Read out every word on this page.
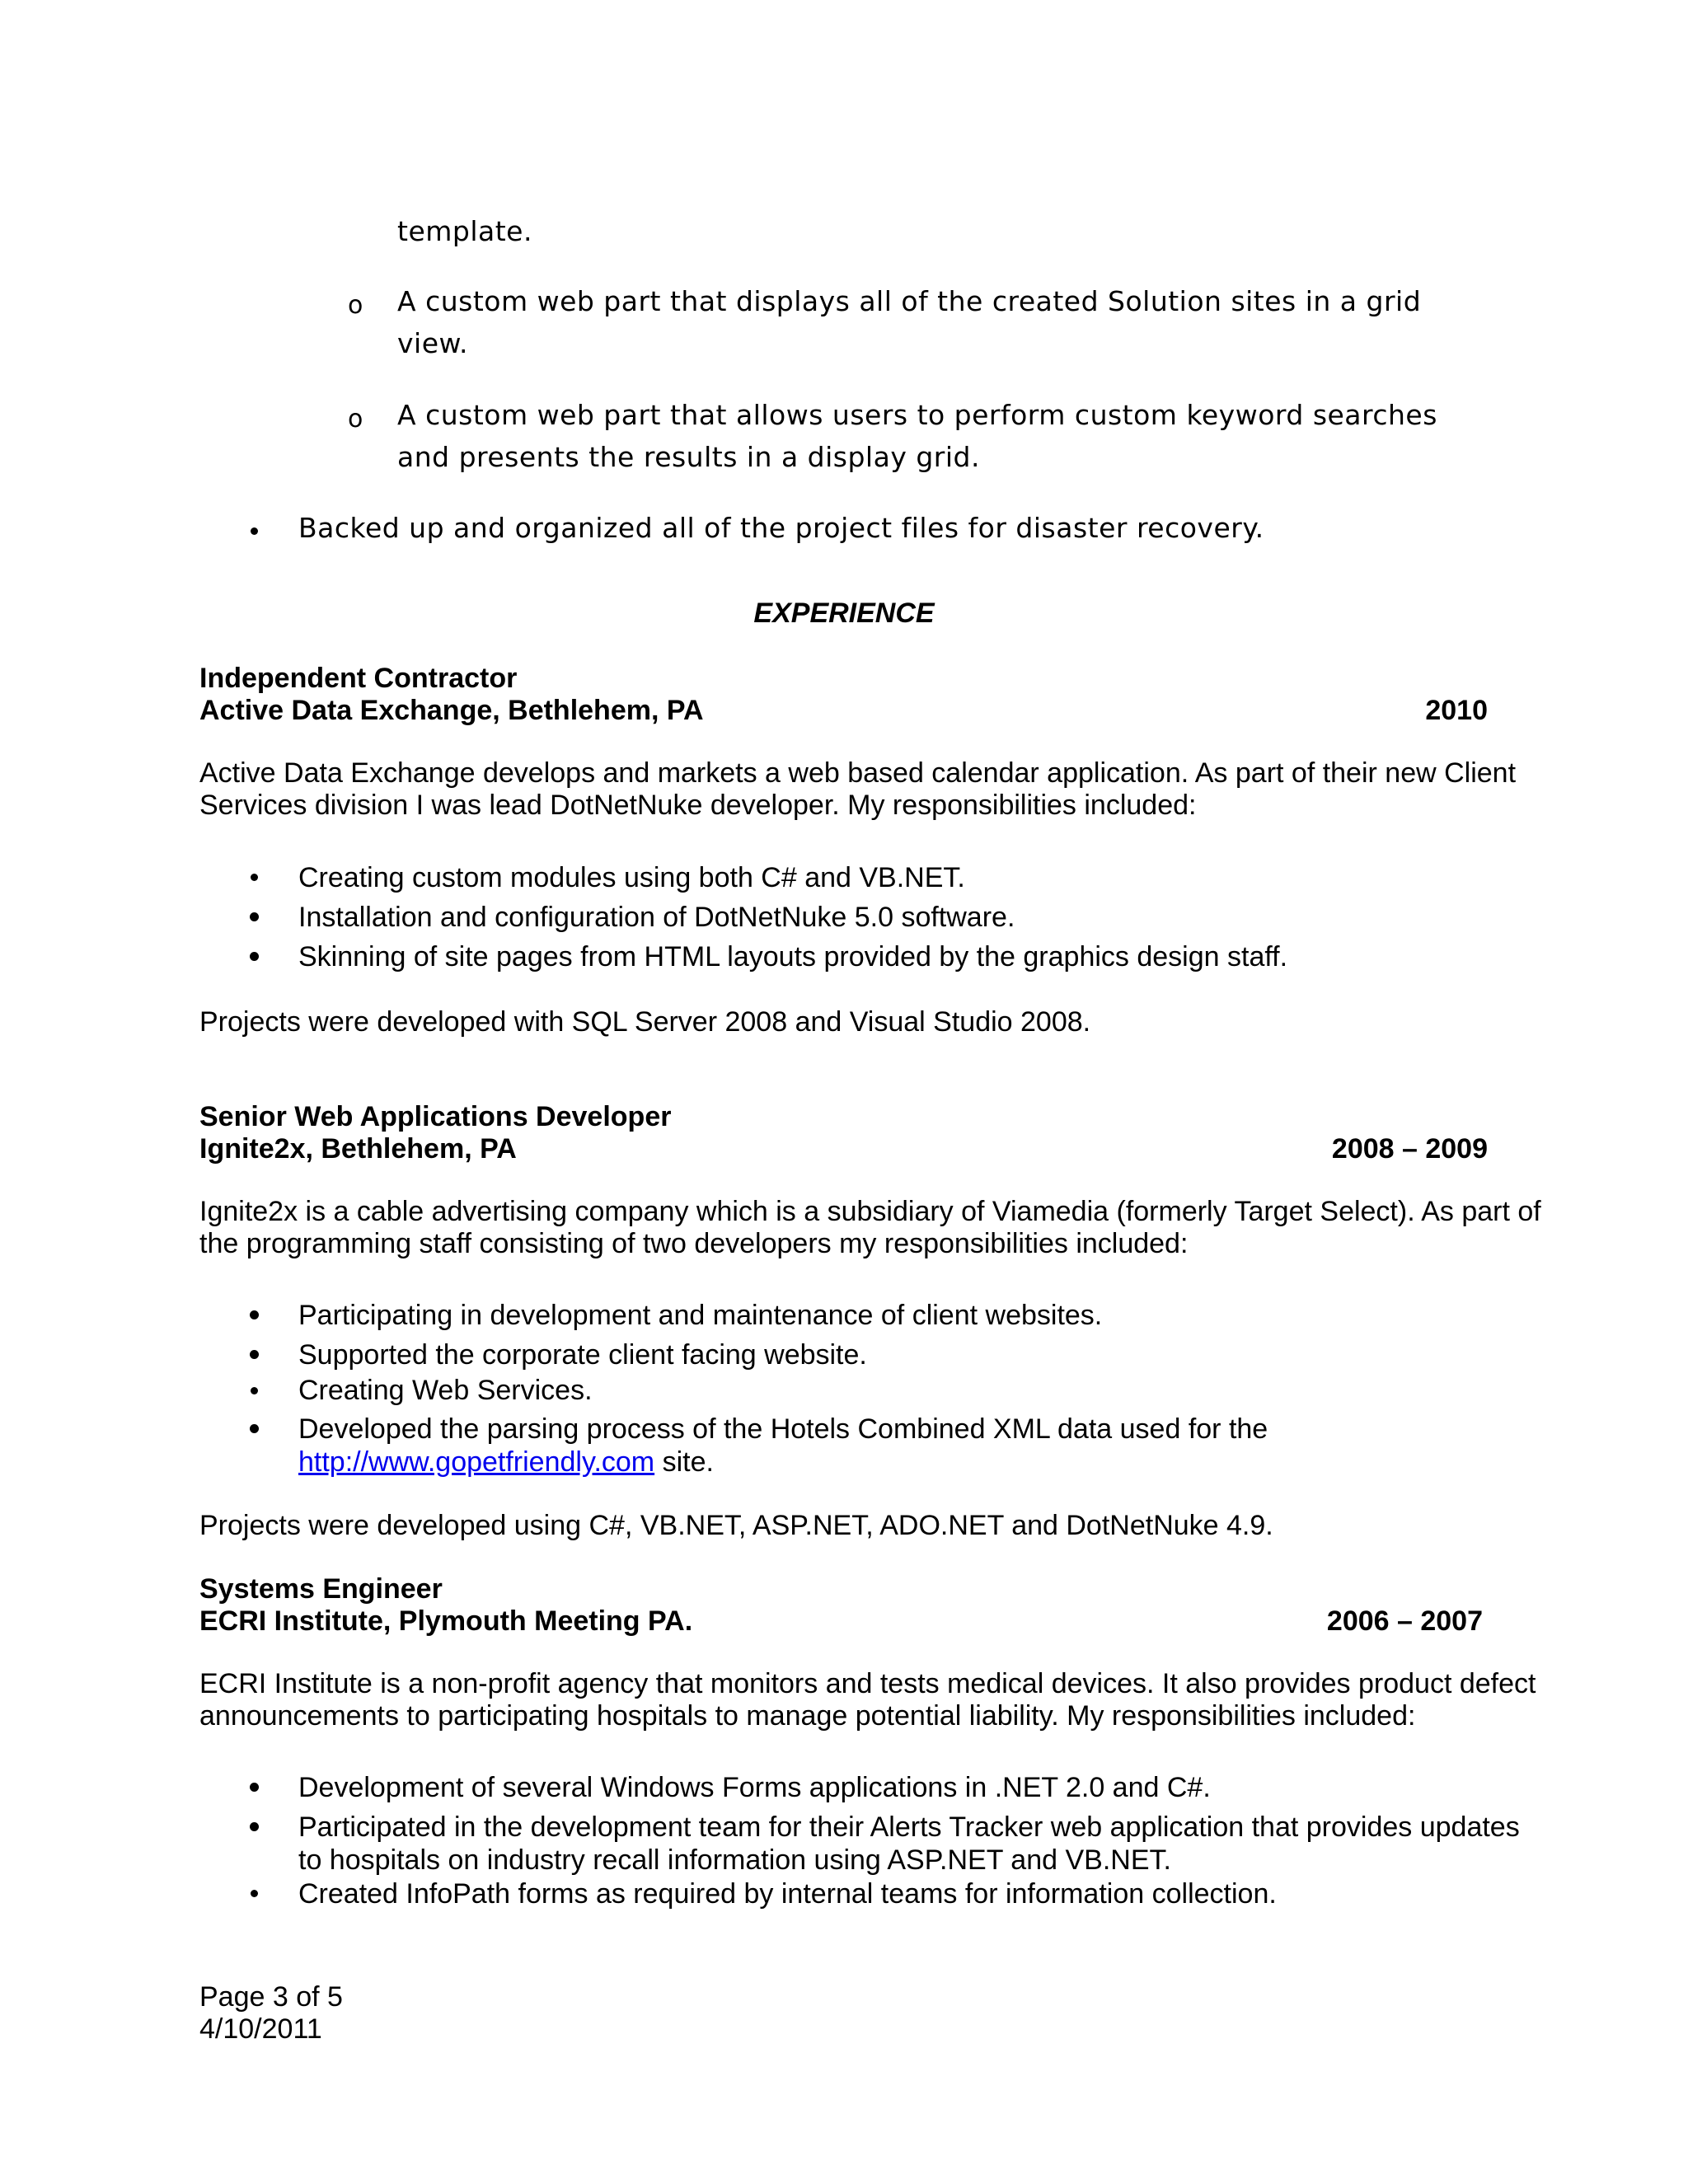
template.
o A custom web part that displays all of the created Solution sites in a grid
view.
o A custom web part that allows users to perform custom keyword searches
and presents the results in a display grid.
Backed up and organized all of the project files for disaster recovery.
EXPERIENCE
Independent Contractor
Active Data Exchange, Bethlehem, PA	2010
Active Data Exchange develops and markets a web based calendar application. As part of their new Client
Services division I was lead DotNetNuke developer. My responsibilities included:
Creating custom modules using both C# and VB.NET.
Installation and configuration of DotNetNuke 5.0 software.
Skinning of site pages from HTML layouts provided by the graphics design staff.
Projects were developed with SQL Server 2008 and Visual Studio 2008.
Senior Web Applications Developer
Ignite2x, Bethlehem, PA	2008 – 2009
Ignite2x is a cable advertising company which is a subsidiary of Viamedia (formerly Target Select). As part of
the programming staff consisting of two developers my responsibilities included:
Participating in development and maintenance of client websites.
Supported the corporate client facing website.
Creating Web Services.
Developed the parsing process of the Hotels Combined XML data used for the
http://www.gopetfriendly.com site.
Projects were developed using C#, VB.NET, ASP.NET, ADO.NET and DotNetNuke 4.9.
Systems Engineer
ECRI Institute, Plymouth Meeting PA.	2006 – 2007
ECRI Institute is a non-profit agency that monitors and tests medical devices. It also provides product defect
announcements to participating hospitals to manage potential liability. My responsibilities included:
Development of several Windows Forms applications in .NET 2.0 and C#.
Participated in the development team for their Alerts Tracker web application that provides updates
to hospitals on industry recall information using ASP.NET and VB.NET.
Created InfoPath forms as required by internal teams for information collection.
Page 3 of 5
4/10/2011
